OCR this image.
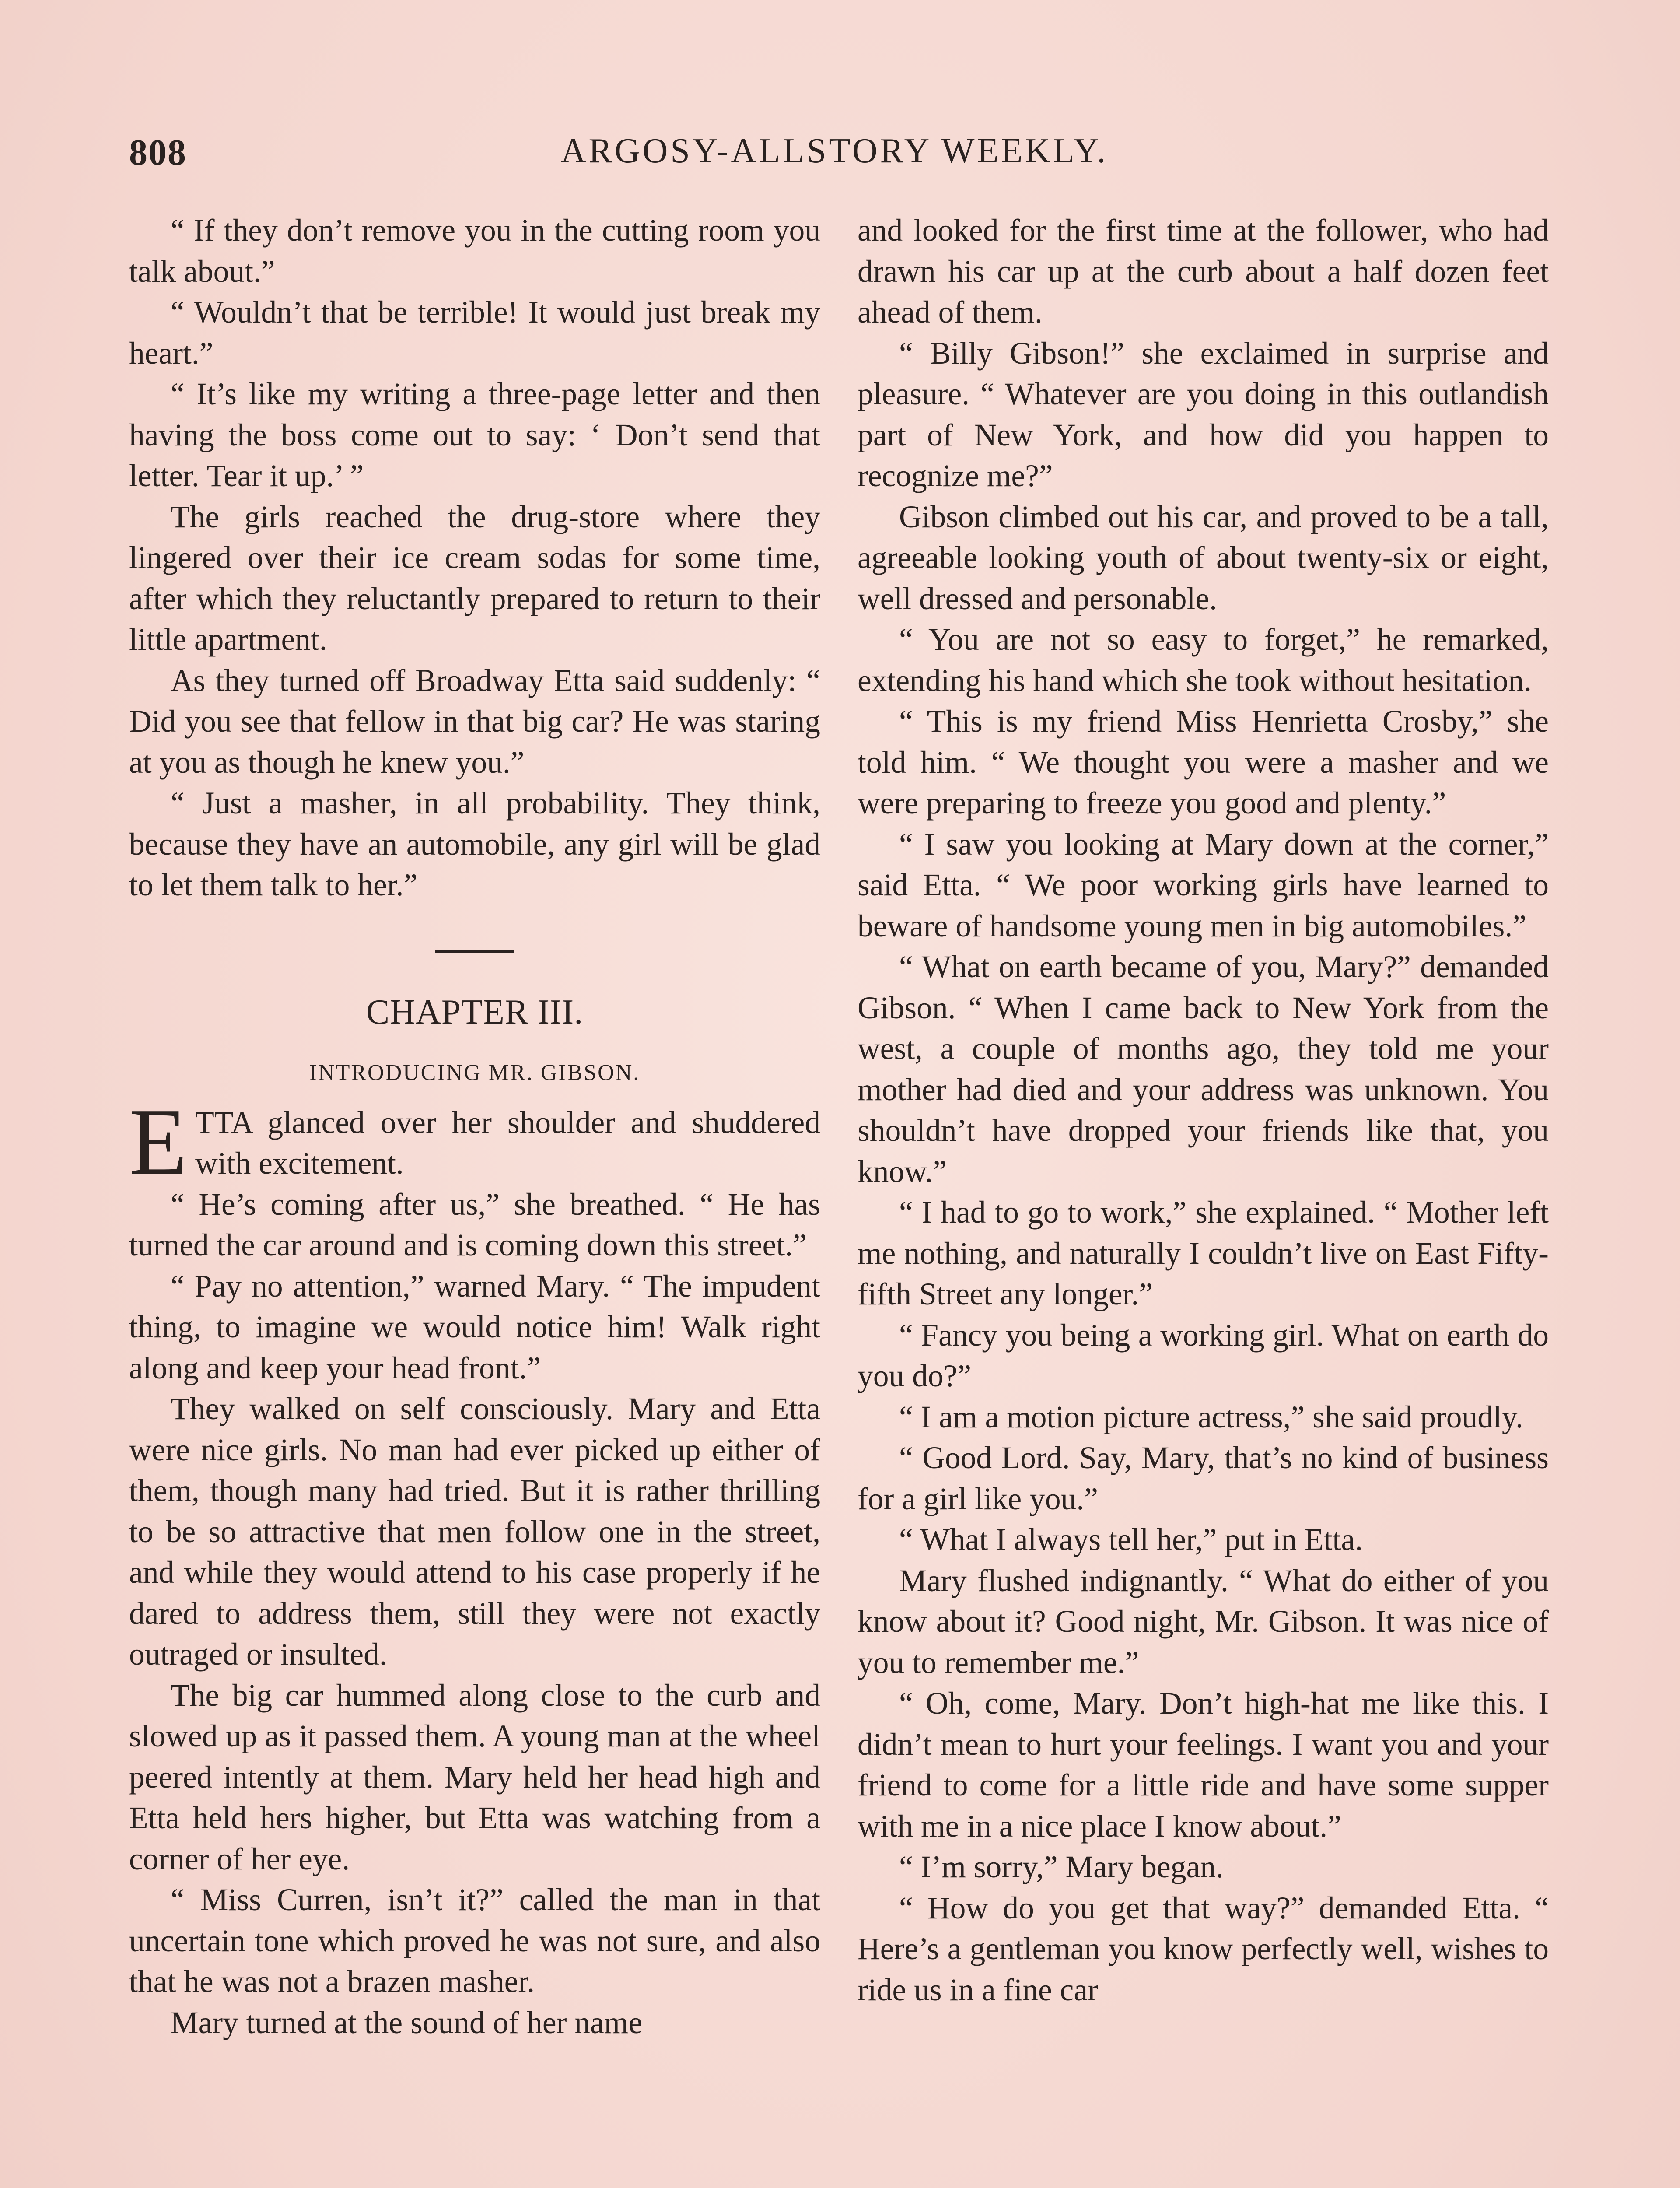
808	ARGOSY-ALLSTORY WEEKLY.

“ If they don’t remove you in the cutting room you talk about.”

“ Wouldn’t that be terrible! It would just break my heart.”

“ It’s like my writing a three-page letter and then having the boss come out to say: ‘ Don’t send that letter. Tear it up.’ ”

The girls reached the drug-store where they lingered over their ice cream sodas for some time, after which they reluctantly prepared to return to their little apartment.

As they turned off Broadway Etta said suddenly: “ Did you see that fellow in that big car? He was staring at you as though he knew you.”

“ Just a masher, in all probability. They think, because they have an automobile, any girl will be glad to let them talk to her.”

CHAPTER III.
INTRODUCING MR. GIBSON.

ETTA glanced over her shoulder and shuddered with excitement.

“ He’s coming after us,” she breathed. “ He has turned the car around and is coming down this street.”

“ Pay no attention,” warned Mary. “ The impudent thing, to imagine we would notice him! Walk right along and keep your head front.”

They walked on self consciously. Mary and Etta were nice girls. No man had ever picked up either of them, though many had tried. But it is rather thrilling to be so attractive that men follow one in the street, and while they would attend to his case properly if he dared to address them, still they were not exactly outraged or insulted.

The big car hummed along close to the curb and slowed up as it passed them. A young man at the wheel peered intently at them. Mary held her head high and Etta held hers higher, but Etta was watching from a corner of her eye.

“ Miss Curren, isn’t it?” called the man in that uncertain tone which proved he was not sure, and also that he was not a brazen masher.

Mary turned at the sound of her name

and looked for the first time at the follower, who had drawn his car up at the curb about a half dozen feet ahead of them.

“ Billy Gibson!” she exclaimed in surprise and pleasure. “ Whatever are you doing in this outlandish part of New York, and how did you happen to recognize me?”

Gibson climbed out his car, and proved to be a tall, agreeable looking youth of about twenty-six or eight, well dressed and personable.

“ You are not so easy to forget,” he remarked, extending his hand which she took without hesitation.

“ This is my friend Miss Henrietta Crosby,” she told him. “ We thought you were a masher and we were preparing to freeze you good and plenty.”

“ I saw you looking at Mary down at the corner,” said Etta. “ We poor working girls have learned to beware of handsome young men in big automobiles.”

“ What on earth became of you, Mary?” demanded Gibson. “ When I came back to New York from the west, a couple of months ago, they told me your mother had died and your address was unknown. You shouldn’t have dropped your friends like that, you know.”

“ I had to go to work,” she explained. “ Mother left me nothing, and naturally I couldn’t live on East Fifty-fifth Street any longer.”

“ Fancy you being a working girl. What on earth do you do?”

“ I am a motion picture actress,” she said proudly.

“ Good Lord. Say, Mary, that’s no kind of business for a girl like you.”

“ What I always tell her,” put in Etta.

Mary flushed indignantly. “ What do either of you know about it? Good night, Mr. Gibson. It was nice of you to remember me.”

“ Oh, come, Mary. Don’t high-hat me like this. I didn’t mean to hurt your feelings. I want you and your friend to come for a little ride and have some supper with me in a nice place I know about.”

“ I’m sorry,” Mary began.

“ How do you get that way?” demanded Etta. “ Here’s a gentleman you know perfectly well, wishes to ride us in a fine car
